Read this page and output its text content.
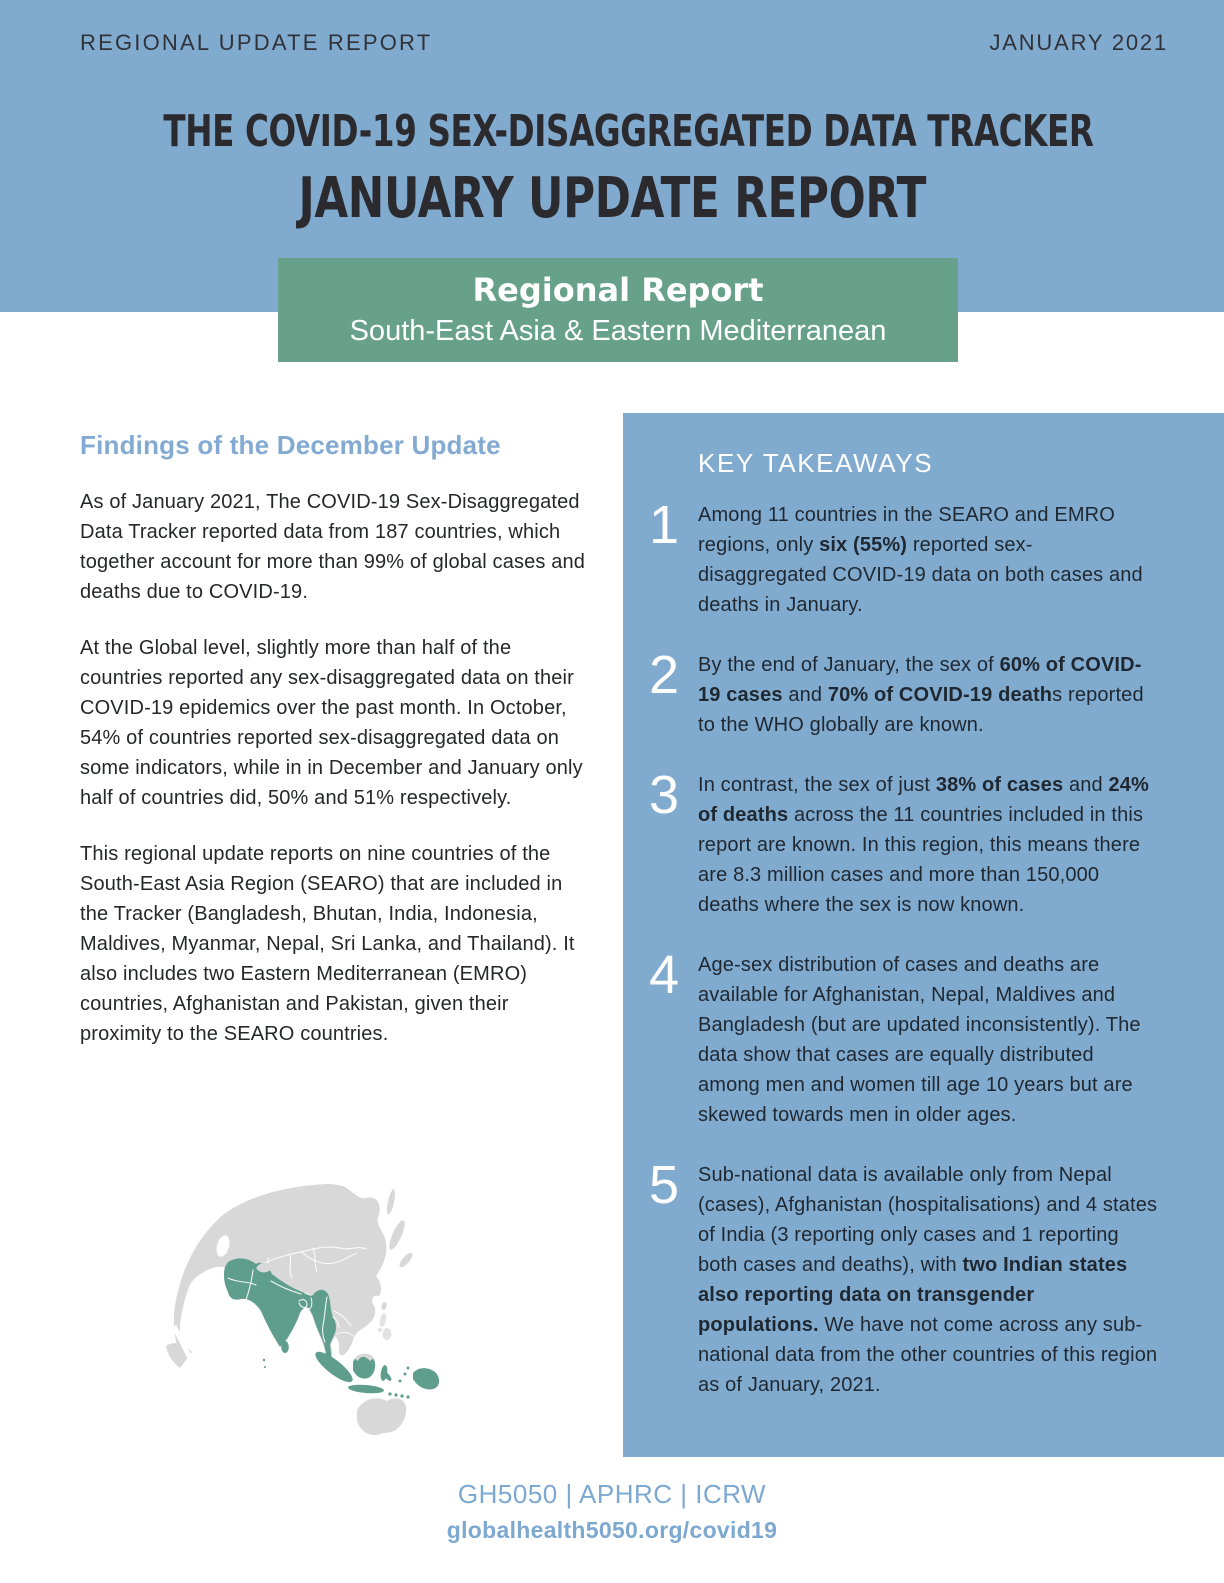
REGIONAL UPDATE REPORT	JANUARY 2021
THE COVID-19 SEX-DISAGGREGATED DATA TRACKER
JANUARY UPDATE REPORT
Regional Report
South-East Asia & Eastern Mediterranean
Findings of the December Update

As of January 2021, The COVID-19 Sex-Disaggregated Data Tracker reported data from 187 countries, which together account for more than 99% of global cases and deaths due to COVID-19.

At the Global level, slightly more than half of the countries reported any sex-disaggregated data on their COVID-19 epidemics over the past month. In October, 54% of countries reported sex-disaggregated data on some indicators, while in in December and January only half of countries did, 50% and 51% respectively.

This regional update reports on nine countries of the South-East Asia Region (SEARO) that are included in the Tracker (Bangladesh, Bhutan, India, Indonesia, Maldives, Myanmar, Nepal, Sri Lanka, and Thailand). It also includes two Eastern Mediterranean (EMRO) countries, Afghanistan and Pakistan, given their proximity to the SEARO countries.

KEY TAKEAWAYS
1 Among 11 countries in the SEARO and EMRO regions, only six (55%) reported sex-disaggregated COVID-19 data on both cases and deaths in January.
2 By the end of January, the sex of 60% of COVID-19 cases and 70% of COVID-19 deaths reported to the WHO globally are known.
3 In contrast, the sex of just 38% of cases and 24% of deaths across the 11 countries included in this report are known. In this region, this means there are 8.3 million cases and more than 150,000 deaths where the sex is now known.
4 Age-sex distribution of cases and deaths are available for Afghanistan, Nepal, Maldives and Bangladesh (but are updated inconsistently). The data show that cases are equally distributed among men and women till age 10 years but are skewed towards men in older ages.
5 Sub-national data is available only from Nepal (cases), Afghanistan (hospitalisations) and 4 states of India (3 reporting only cases and 1 reporting both cases and deaths), with two Indian states also reporting data on transgender populations. We have not come across any sub-national data from the other countries of this region as of January, 2021.
GH5050 | APHRC | ICRW
globalhealth5050.org/covid19
